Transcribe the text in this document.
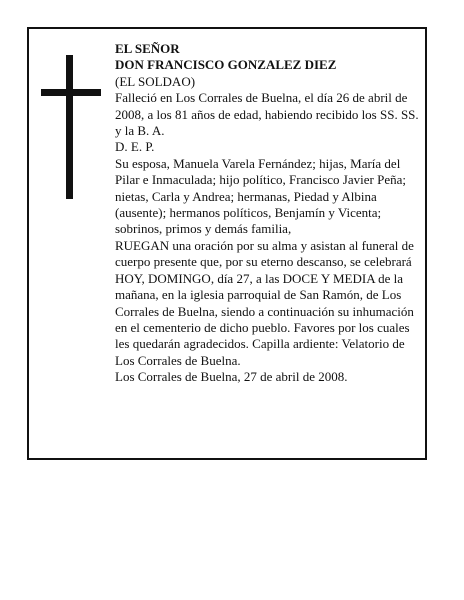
EL SEÑOR

DON FRANCISCO GONZALEZ DIEZ

(EL SOLDAO)

Falleció en Los Corrales de Buelna, el día 26 de abril de 2008, a los 81 años de edad, habiendo recibido los SS. SS. y la B. A.

D. E. P.

Su esposa, Manuela Varela Fernández; hijas, María del Pilar e Inmaculada; hijo político, Francisco Javier Peña; nietas, Carla y Andrea; hermanas, Piedad y Albina (ausente); hermanos políticos, Benjamín y Vicenta; sobrinos, primos y demás familia,

RUEGAN una oración por su alma y asistan al funeral de cuerpo presente que, por su eterno descanso, se celebrará HOY, DOMINGO, día 27, a las DOCE Y MEDIA de la mañana, en la iglesia parroquial de San Ramón, de Los Corrales de Buelna, siendo a continuación su inhumación en el cementerio de dicho pueblo. Favores por los cuales les quedarán agradecidos. Capilla ardiente: Velatorio de Los Corrales de Buelna.

Los Corrales de Buelna, 27 de abril de 2008.
